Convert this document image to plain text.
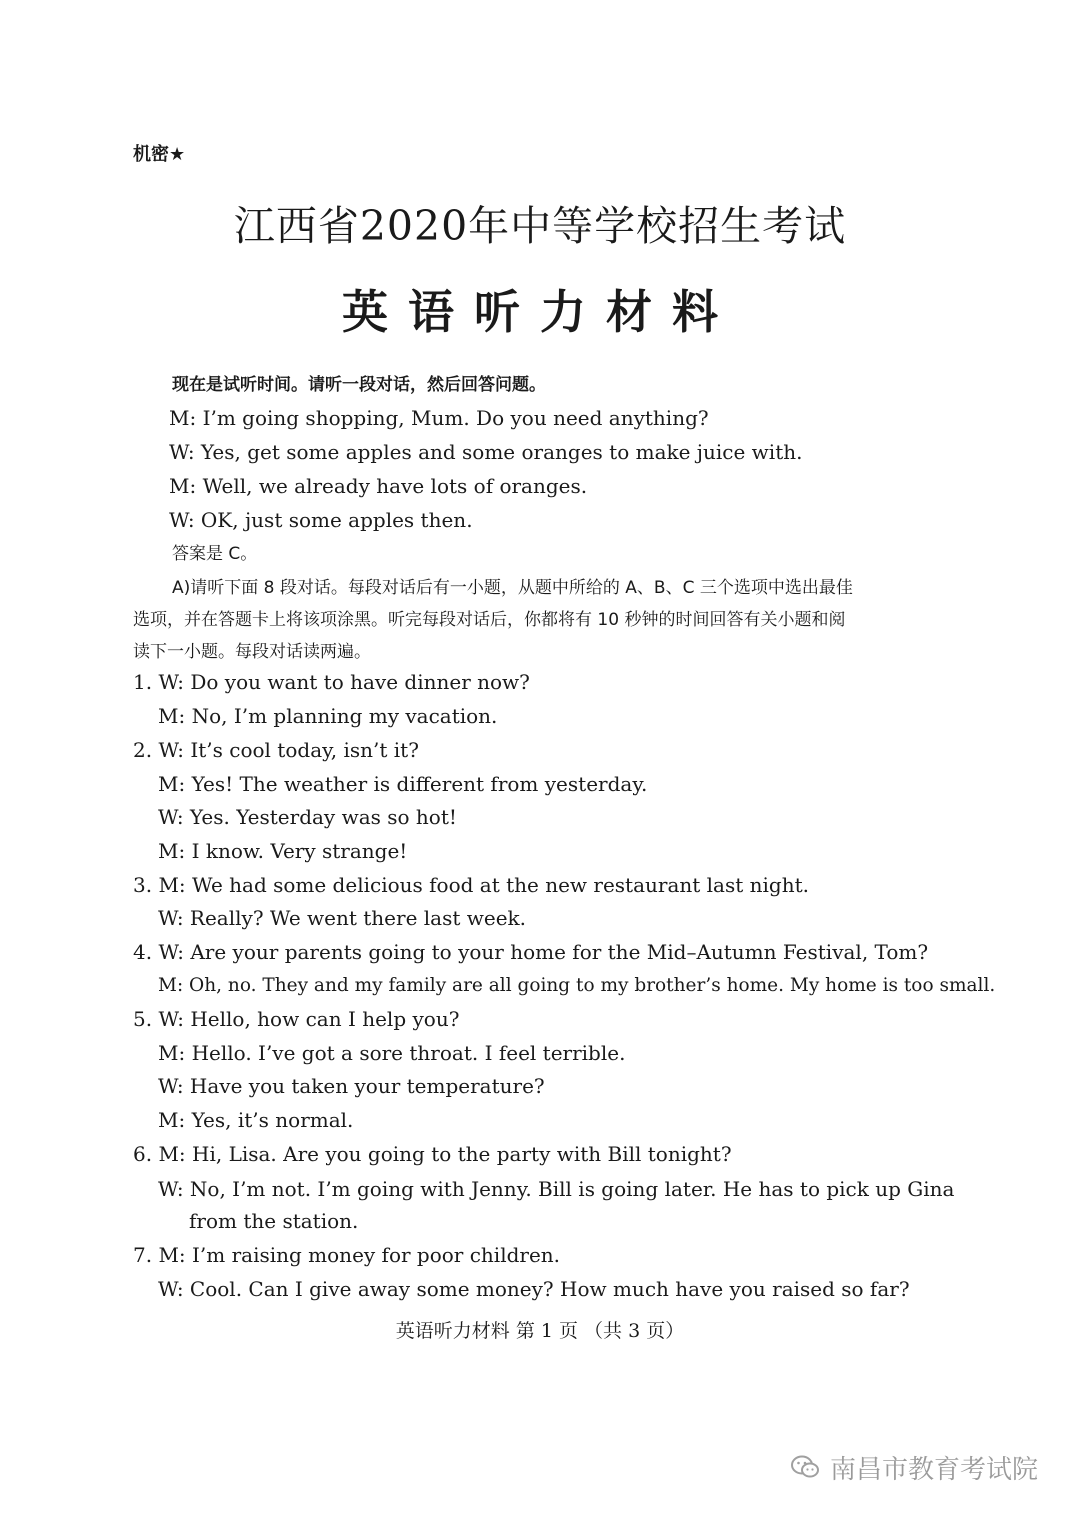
机密★
江西省2020年中等学校招生考试
英语听力材料
现在是试听时间。请听一段对话，然后回答问题。
M: I’m going shopping, Mum. Do you need anything?
W: Yes, get some apples and some oranges to make juice with.
M: Well, we already have lots of oranges.
W: OK, just some apples then.
答案是 C。
A)请听下面 8 段对话。每段对话后有一小题，从题中所给的 A、B、C 三个选项中选出最佳
选项，并在答题卡上将该项涂黑。听完每段对话后，你都将有 10 秒钟的时间回答有关小题和阅
读下一小题。每段对话读两遍。
1. W: Do you want to have dinner now?
M: No, I’m planning my vacation.
2. W: It’s cool today, isn’t it?
M: Yes! The weather is different from yesterday.
W: Yes. Yesterday was so hot!
M: I know. Very strange!
3. M: We had some delicious food at the new restaurant last night.
W: Really? We went there last week.
4. W: Are your parents going to your home for the Mid–Autumn Festival, Tom?
M: Oh, no. They and my family are all going to my brother’s home. My home is too small.
5. W: Hello, how can I help you?
M: Hello. I’ve got a sore throat. I feel terrible.
W: Have you taken your temperature?
M: Yes, it’s normal.
6. M: Hi, Lisa. Are you going to the party with Bill tonight?
W: No, I’m not. I’m going with Jenny. Bill is going later. He has to pick up Gina
from the station.
7. M: I’m raising money for poor children.
W: Cool. Can I give away some money? How much have you raised so far?
英语听力材料 第 1 页 （共 3 页）
南昌市教育考试院
